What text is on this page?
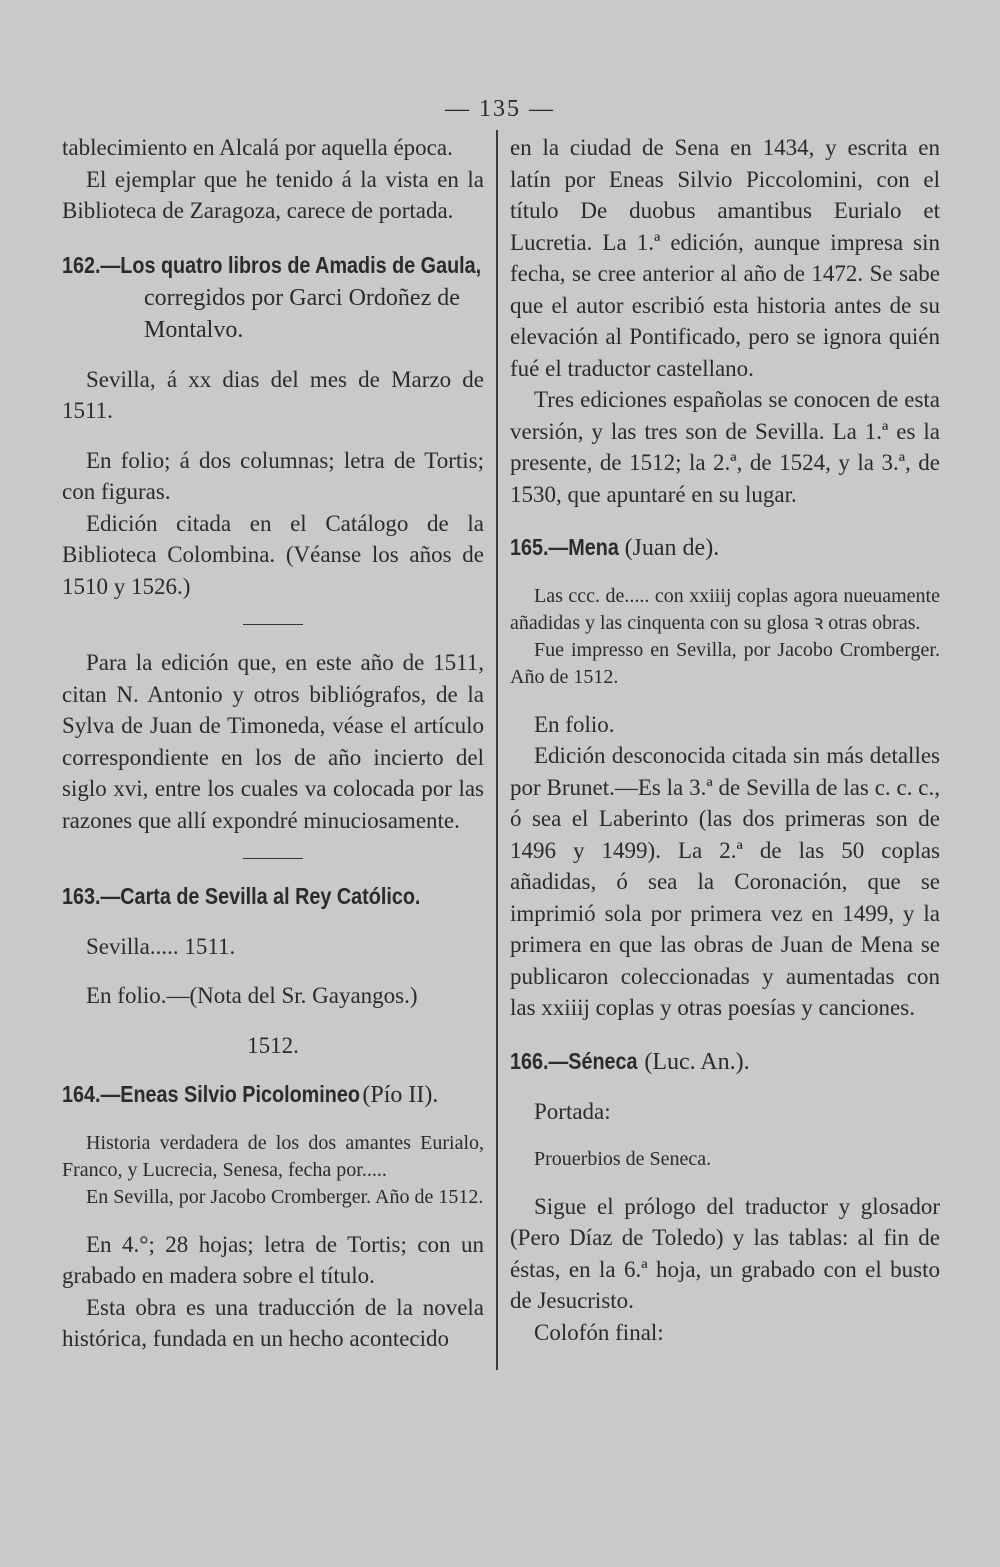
— 135 —

tablecimiento en Alcalá por aquella época.

El ejemplar que he tenido á la vista en la Biblioteca de Zaragoza, carece de portada.

162.—Los quatro libros de Amadis de Gaula,
corregidos por Garci Ordoñez de Montalvo.

Sevilla, á xx dias del mes de Marzo de 1511.

En folio; á dos columnas; letra de Tortis; con figuras.

Edición citada en el Catálogo de la Biblioteca Colombina. (Véanse los años de 1510 y 1526.)

Para la edición que, en este año de 1511, citan N. Antonio y otros bibliógrafos, de la Sylva de Juan de Timoneda, véase el artículo correspondiente en los de año incierto del siglo xvi, entre los cuales va colocada por las razones que allí expondré minuciosamente.

163.—Carta de Sevilla al Rey Católico.

Sevilla..... 1511.

En folio.—(Nota del Sr. Gayangos.)

1512.

164.—Eneas Silvio Picolomineo (Pío II).

Historia verdadera de los dos amantes Eurialo, Franco, y Lucrecia, Senesa, fecha por.....

En Sevilla, por Jacobo Cromberger. Año de 1512.

En 4.°; 28 hojas; letra de Tortis; con un grabado en madera sobre el título.

Esta obra es una traducción de la novela histórica, fundada en un hecho acontecido

en la ciudad de Sena en 1434, y escrita en latín por Eneas Silvio Piccolomini, con el título De duobus amantibus Eurialo et Lucretia. La 1.ª edición, aunque impresa sin fecha, se cree anterior al año de 1472. Se sabe que el autor escribió esta historia antes de su elevación al Pontificado, pero se ignora quién fué el traductor castellano.

Tres ediciones españolas se conocen de esta versión, y las tres son de Sevilla. La 1.ª es la presente, de 1512; la 2.ª, de 1524, y la 3.ª, de 1530, que apuntaré en su lugar.

165.—Mena (Juan de).

Las ccc. de..... con xxiiij coplas agora nueuamente añadidas y las cinquenta con su glosa ꝛ otras obras.

Fue impresso en Sevilla, por Jacobo Cromberger. Año de 1512.

En folio.

Edición desconocida citada sin más detalles por Brunet.—Es la 3.ª de Sevilla de las c. c. c., ó sea el Laberinto (las dos primeras son de 1496 y 1499). La 2.ª de las 50 coplas añadidas, ó sea la Coronación, que se imprimió sola por primera vez en 1499, y la primera en que las obras de Juan de Mena se publicaron coleccionadas y aumentadas con las xxiiij coplas y otras poesías y canciones.

166.—Séneca (Luc. An.).

Portada:

Prouerbios de Seneca.

Sigue el prólogo del traductor y glosador (Pero Díaz de Toledo) y las tablas: al fin de éstas, en la 6.ª hoja, un grabado con el busto de Jesucristo.

Colofón final:
